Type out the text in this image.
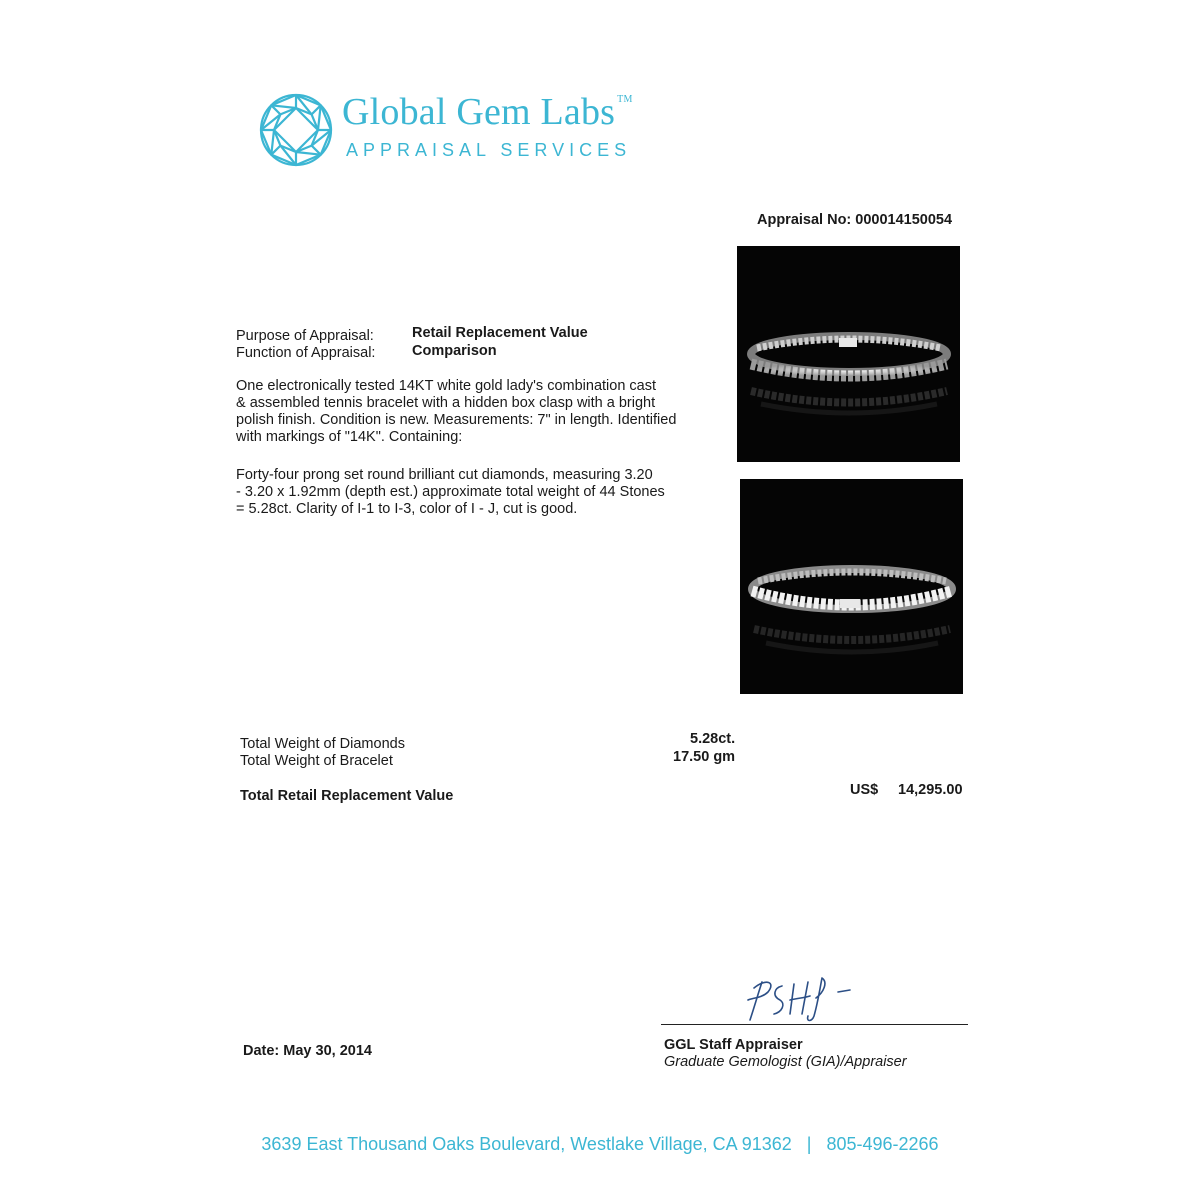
Global Gem Labs ™
APPRAISAL SERVICES
Appraisal No: 000014150054
Purpose of Appraisal:	Retail Replacement Value
Function of Appraisal:	Comparison
One electronically tested 14KT white gold lady's combination cast
& assembled tennis bracelet with a hidden box clasp with a bright
polish finish. Condition is new. Measurements: 7" in length. Identified
with markings of "14K". Containing:
Forty-four prong set round brilliant cut diamonds, measuring 3.20
- 3.20 x 1.92mm (depth est.) approximate total weight of 44 Stones
= 5.28ct. Clarity of I-1 to I-3, color of I - J, cut is good.
Total Weight of Diamonds	5.28ct.
Total Weight of Bracelet	17.50 gm
Total Retail Replacement Value	US$ 14,295.00
GGL Staff Appraiser
Graduate Gemologist (GIA)/Appraiser
Date: May 30, 2014
3639 East Thousand Oaks Boulevard, Westlake Village, CA 91362 | 805-496-2266
